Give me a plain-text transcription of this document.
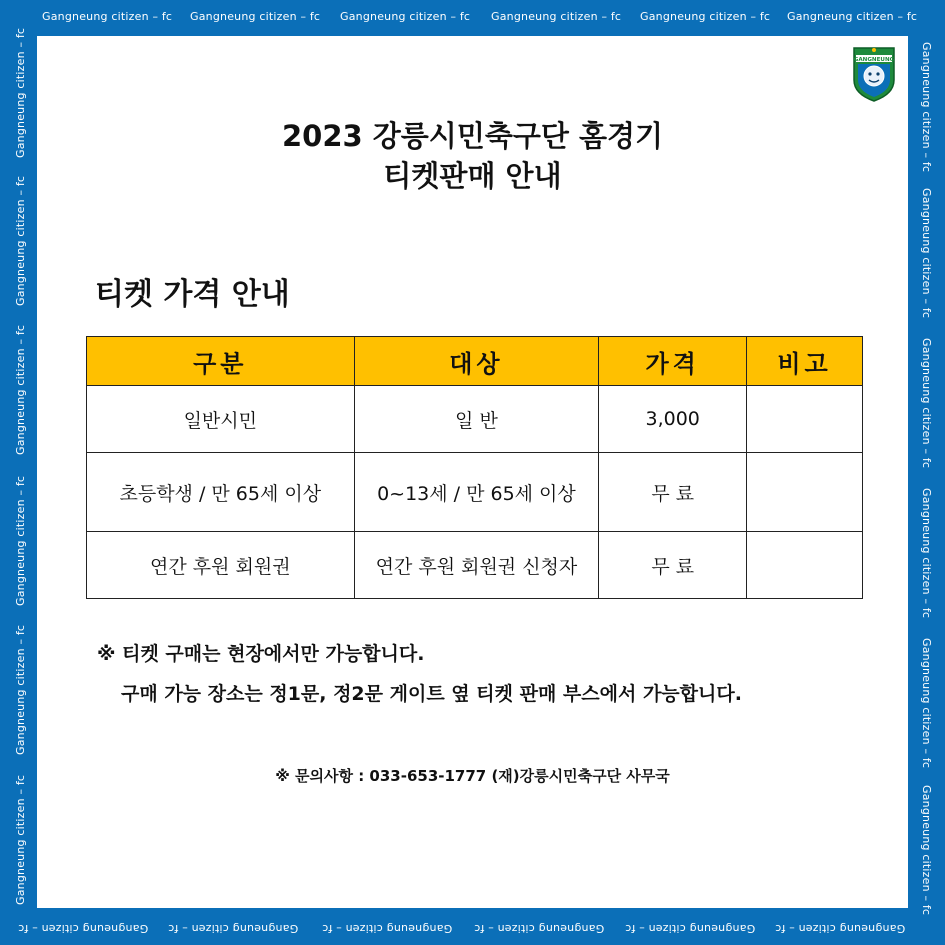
Gangneung citizen – fc Gangneung citizen – fc Gangneung citizen – fc Gangneung citizen – fc Gangneung citizen – fc Gangneung citizen – fc
Gangneung citizen – fc Gangneung citizen – fc Gangneung citizen – fc Gangneung citizen – fc Gangneung citizen – fc Gangneung citizen – fc
Gangneung citizen – fc
Gangneung citizen – fc
Gangneung citizen – fc
Gangneung citizen – fc
Gangneung citizen – fc
Gangneung citizen – fc
Gangneung citizen – fc
Gangneung citizen – fc
Gangneung citizen – fc
Gangneung citizen – fc
Gangneung citizen – fc
Gangneung citizen – fc
GANGNEUNG
2023 강릉시민축구단 홈경기
티켓판매 안내
티켓 가격 안내
구분	대상	가격	비고
일반시민	일 반	3,000	
초등학생 / 만 65세 이상	0~13세 / 만 65세 이상	무 료	
연간 후원 회원권	연간 후원 회원권 신청자	무 료	
※ 티켓 구매는 현장에서만 가능합니다.
구매 가능 장소는 정1문, 정2문 게이트 옆 티켓 판매 부스에서 가능합니다.
※ 문의사항 : 033-653-1777 (재)강릉시민축구단 사무국
